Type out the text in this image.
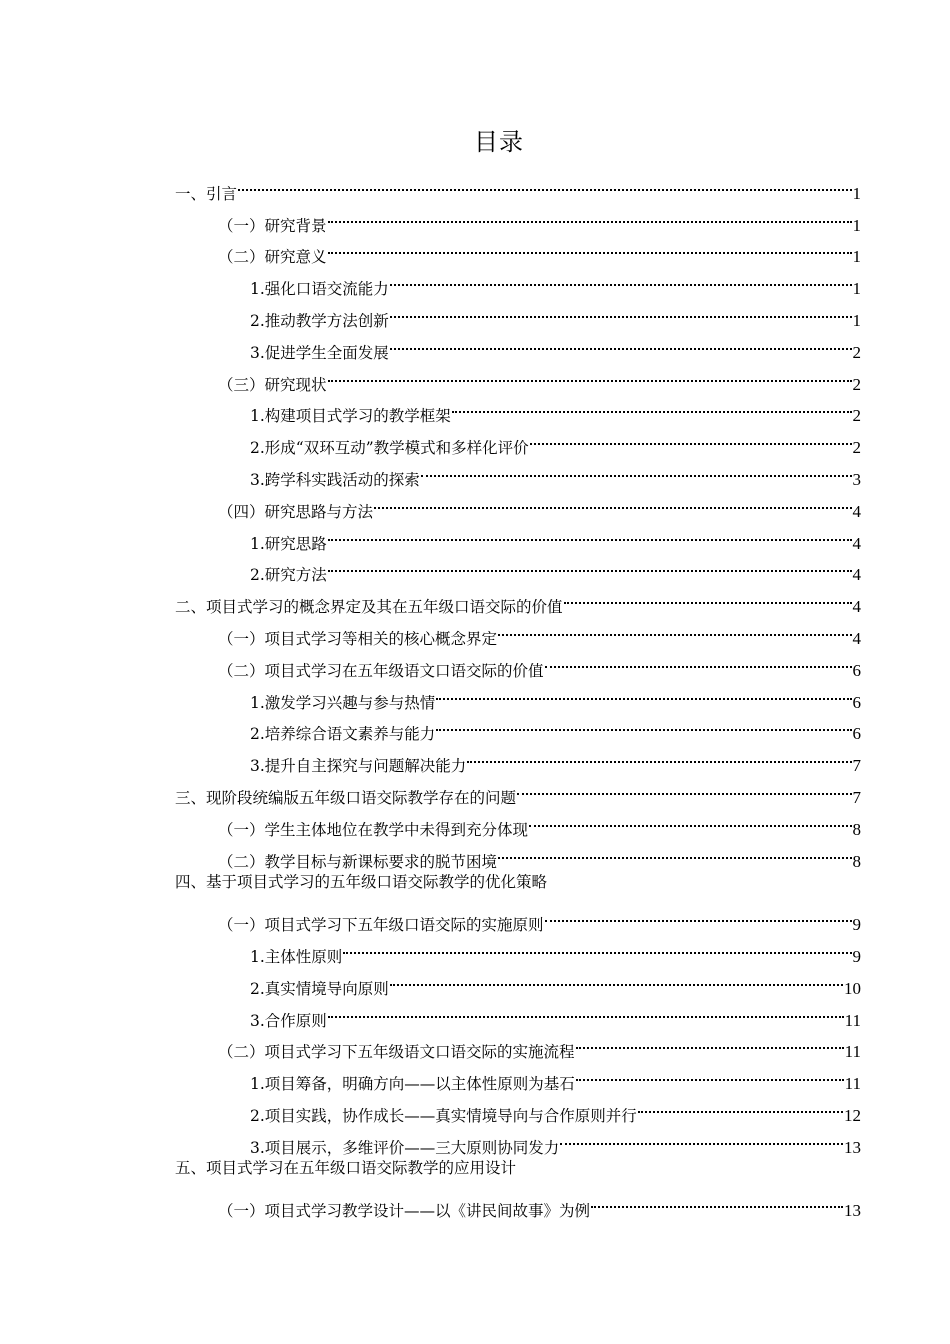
目录
一、引言	1
（一）研究背景	1
（二）研究意义	1
1.强化口语交流能力	1
2.推动教学方法创新	1
3.促进学生全面发展	2
（三）研究现状	2
1.构建项目式学习的教学框架	2
2.形成“双环互动”教学模式和多样化评价	2
3.跨学科实践活动的探索	3
（四）研究思路与方法	4
1.研究思路	4
2.研究方法	4
二、项目式学习的概念界定及其在五年级口语交际的价值	4
（一）项目式学习等相关的核心概念界定	4
（二）项目式学习在五年级语文口语交际的价值	6
1.激发学习兴趣与参与热情	6
2.培养综合语文素养与能力	6
3.提升自主探究与问题解决能力	7
三、现阶段统编版五年级口语交际教学存在的问题	7
（一）学生主体地位在教学中未得到充分体现	8
（二）教学目标与新课标要求的脱节困境	8
四、基于项目式学习的五年级口语交际教学的优化策略
（一）项目式学习下五年级口语交际的实施原则	9
1.主体性原则	9
2.真实情境导向原则	10
3.合作原则	11
（二）项目式学习下五年级语文口语交际的实施流程	11
1.项目筹备，明确方向——以主体性原则为基石	11
2.项目实践，协作成长——真实情境导向与合作原则并行	12
3.项目展示，多维评价——三大原则协同发力	13
五、项目式学习在五年级口语交际教学的应用设计
（一）项目式学习教学设计——以《讲民间故事》为例	13
